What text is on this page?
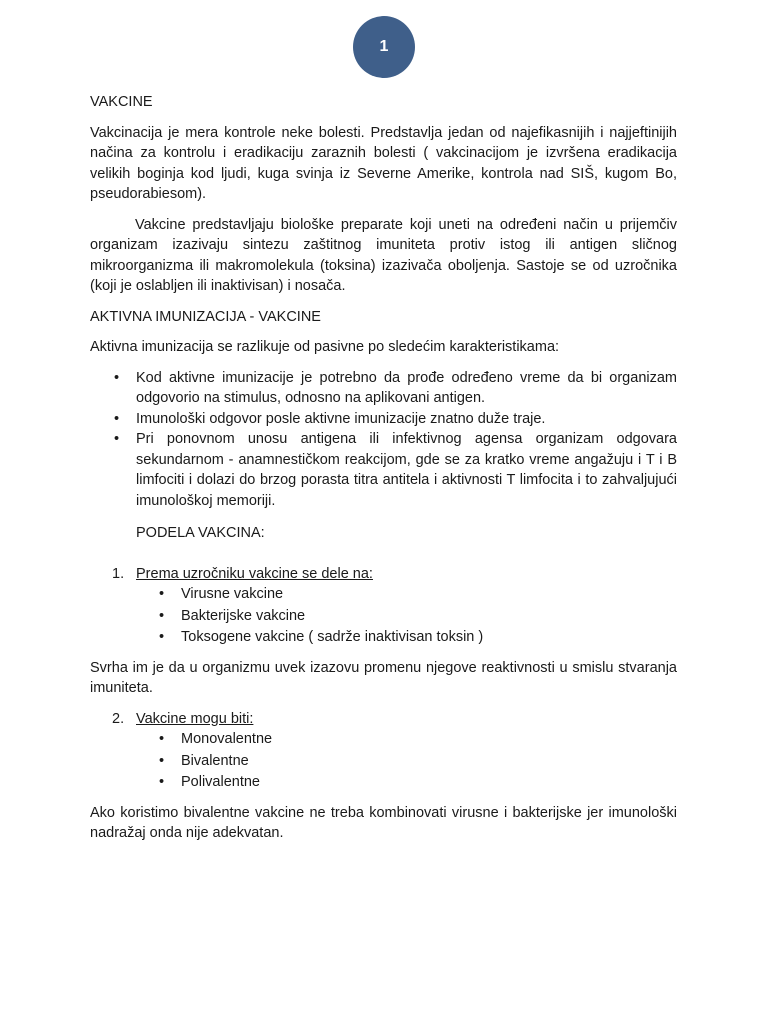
1
VAKCINE

Vakcinacija je mera kontrole neke bolesti. Predstavlja jedan od najefikasnijih i najjeftinijih načina za kontrolu i eradikaciju zaraznih bolesti ( vakcinacijom je izvršena eradikacija velikih boginja kod ljudi, kuga svinja iz Severne Amerike, kontrola nad SIŠ, kugom Bo, pseudorabiesom).

Vakcine predstavljaju biološke preparate koji uneti na određeni način u prijemčiv organizam izazivaju sintezu zaštitnog imuniteta protiv istog ili antigen sličnog mikroorganizma ili makromolekula (toksina) izazivača oboljenja. Sastoje se od uzročnika (koji je oslabljen ili inaktivisan) i nosača.

AKTIVNA IMUNIZACIJA - VAKCINE

Aktivna imunizacija se razlikuje od pasivne po sledećim karakteristikama:

• Kod aktivne imunizacije je potrebno da prođe određeno vreme da bi organizam odgovorio na stimulus, odnosno na aplikovani antigen.
• Imunološki odgovor posle aktivne imunizacije znatno duže traje.
• Pri ponovnom unosu antigena ili infektivnog agensa organizam odgovara sekundarnom - anamnestičkom reakcijom, gde se za kratko vreme angažuju i T i B limfociti i dolazi do brzog porasta titra antitela i aktivnosti T limfocita i to zahvaljujući imunološkoj memoriji.
PODELA VAKCINA:
1. Prema uzročniku vakcine se dele na:
• Virusne vakcine
• Bakterijske vakcine
• Toksogene vakcine ( sadrže inaktivisan toksin )

Svrha im je da u organizmu uvek izazovu promenu njegove reaktivnosti u smislu stvaranja imuniteta.

2. Vakcine mogu biti:
• Monovalentne
• Bivalentne
• Polivalentne

Ako koristimo bivalentne vakcine ne treba kombinovati virusne i bakterijske jer imunološki nadražaj onda nije adekvatan.
